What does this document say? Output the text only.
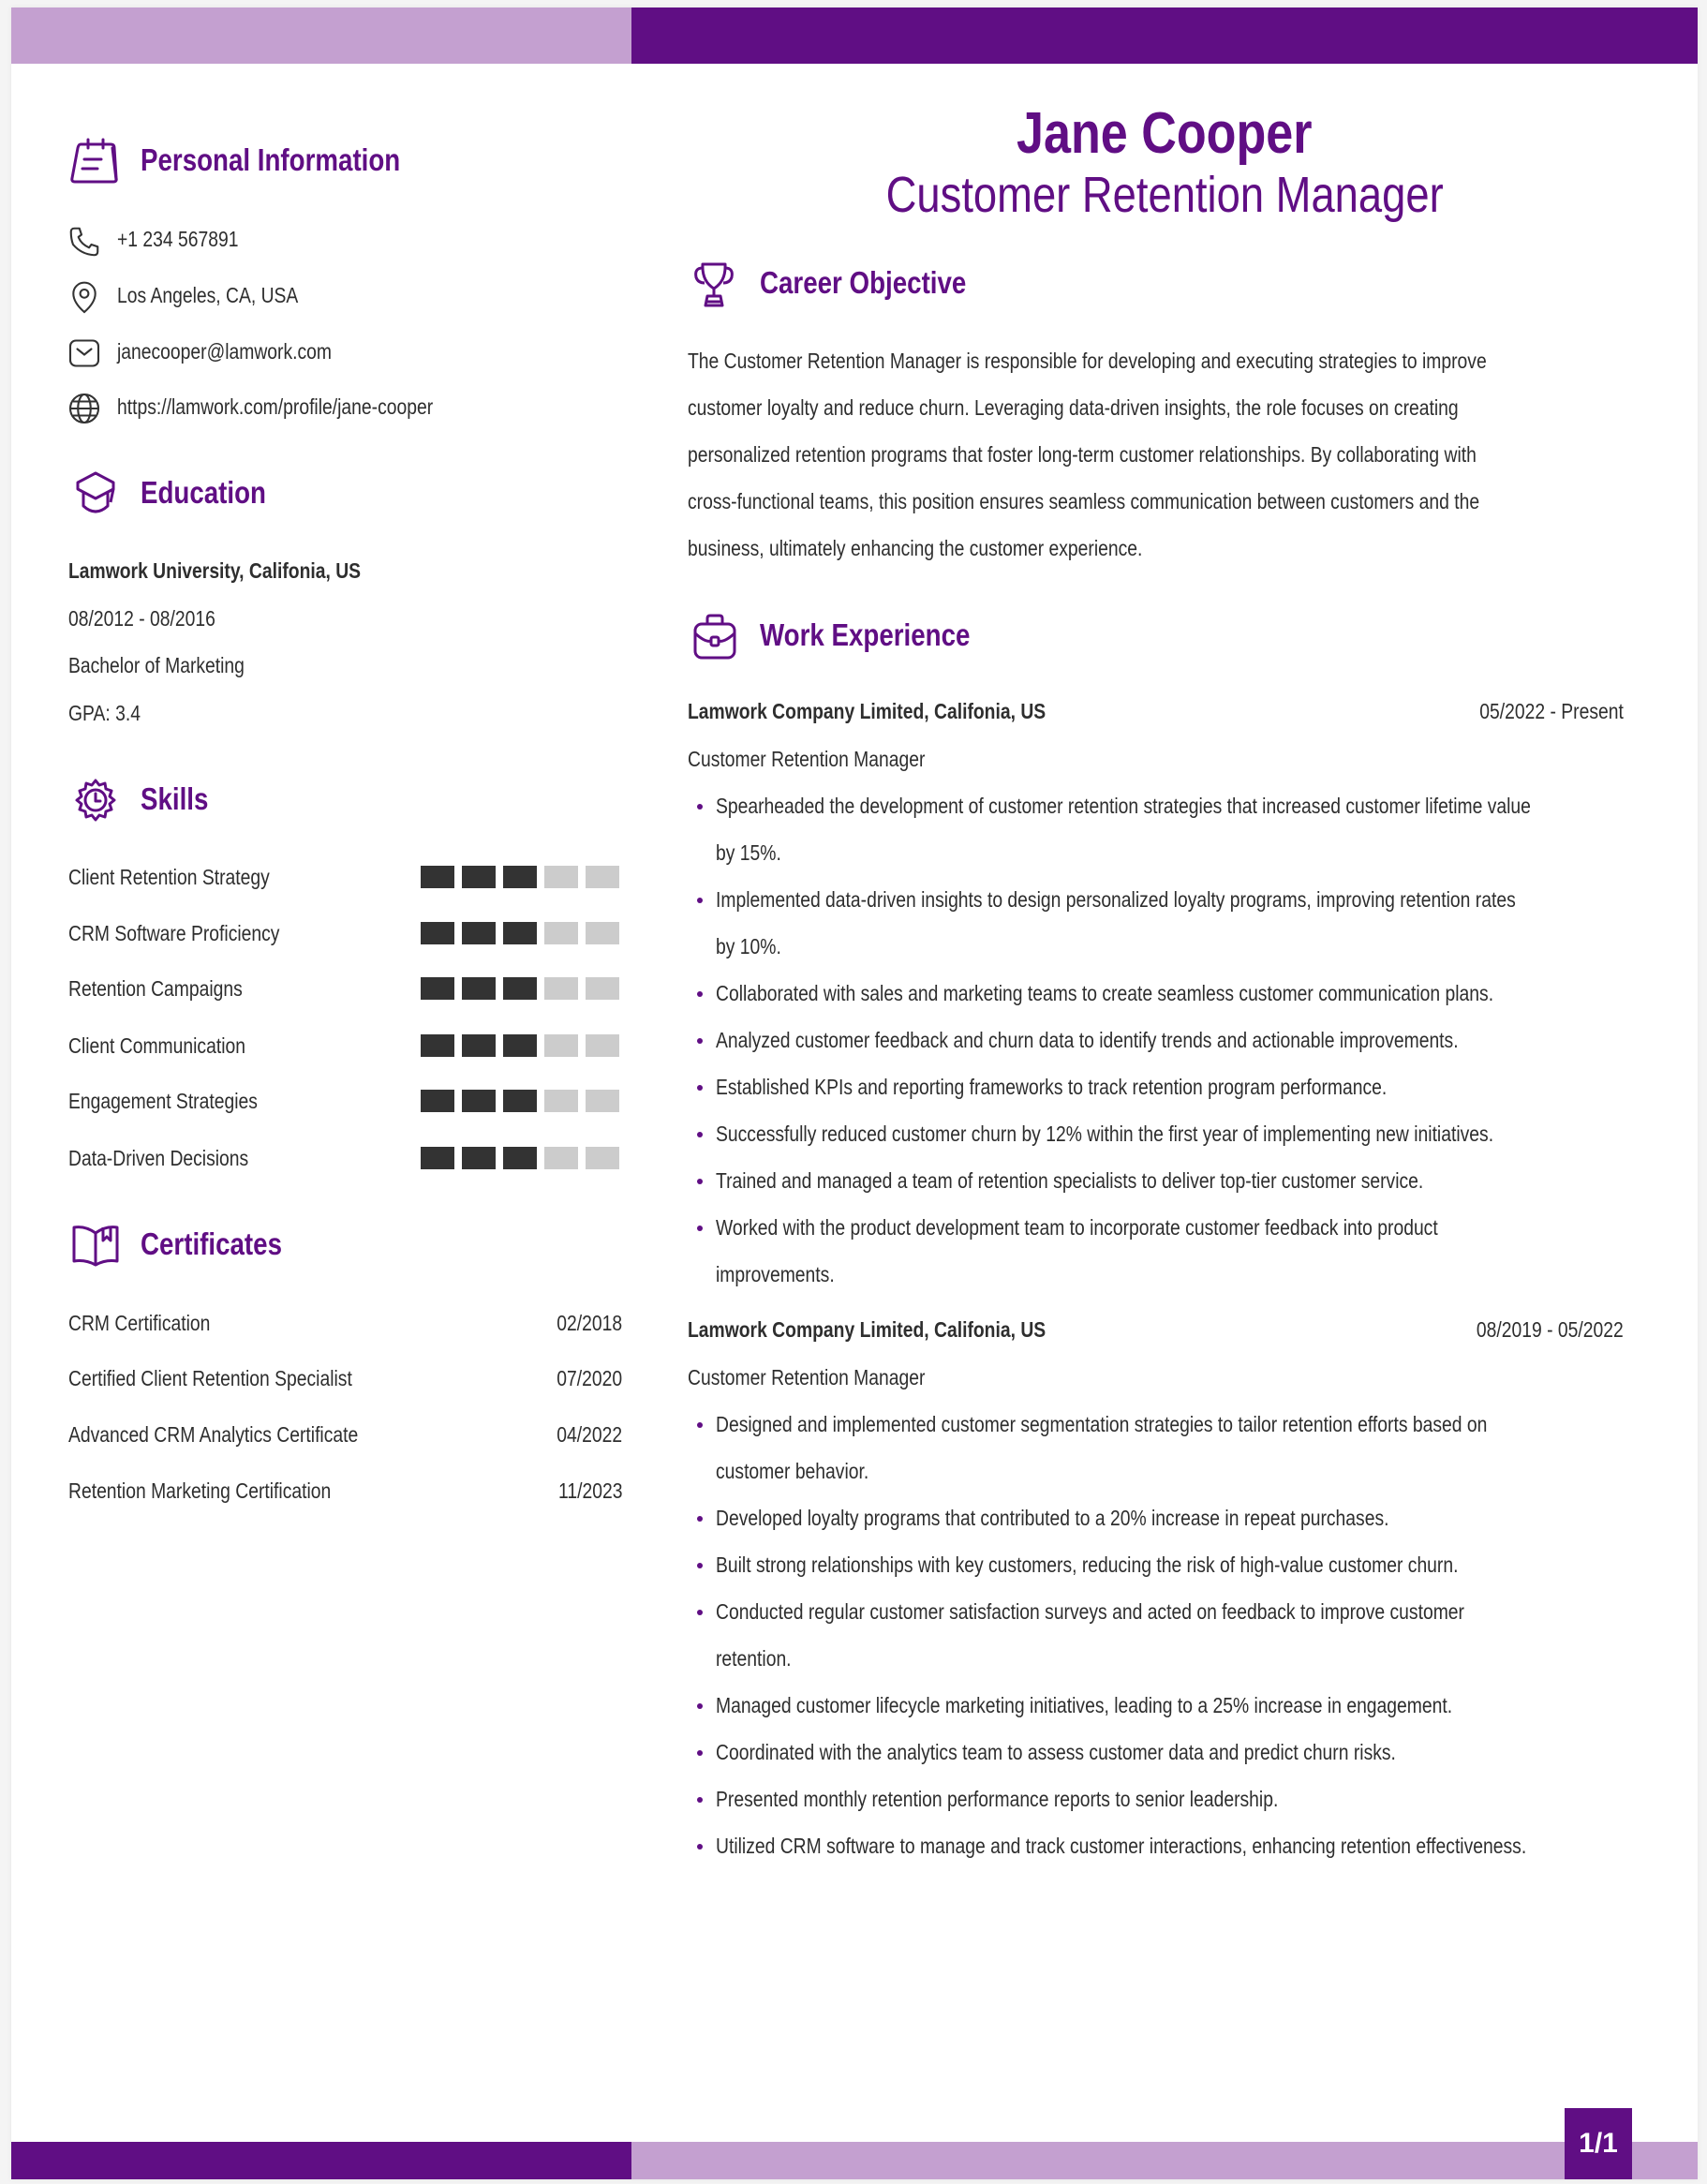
Personal Information
+1 234 567891
Los Angeles, CA, USA
janecooper@lamwork.com
https://lamwork.com/profile/jane-cooper
Education
Lamwork University, Califonia, US
08/2012 - 08/2016
Bachelor of Marketing
GPA: 3.4
Skills
Client Retention Strategy
CRM Software Proficiency
Retention Campaigns
Client Communication
Engagement Strategies
Data-Driven Decisions
Certificates
CRM Certification	02/2018
Certified Client Retention Specialist	07/2020
Advanced CRM Analytics Certificate	04/2022
Retention Marketing Certification	11/2023
Jane Cooper
Customer Retention Manager
Career Objective
The Customer Retention Manager is responsible for developing and executing strategies to improve
customer loyalty and reduce churn. Leveraging data-driven insights, the role focuses on creating
personalized retention programs that foster long-term customer relationships. By collaborating with
cross-functional teams, this position ensures seamless communication between customers and the
business, ultimately enhancing the customer experience.
Work Experience
Lamwork Company Limited, Califonia, US	05/2022 - Present
Customer Retention Manager
Spearheaded the development of customer retention strategies that increased customer lifetime value
by 15%.
Implemented data-driven insights to design personalized loyalty programs, improving retention rates
by 10%.
Collaborated with sales and marketing teams to create seamless customer communication plans.
Analyzed customer feedback and churn data to identify trends and actionable improvements.
Established KPIs and reporting frameworks to track retention program performance.
Successfully reduced customer churn by 12% within the first year of implementing new initiatives.
Trained and managed a team of retention specialists to deliver top-tier customer service.
Worked with the product development team to incorporate customer feedback into product
improvements.
Lamwork Company Limited, Califonia, US	08/2019 - 05/2022
Customer Retention Manager
Designed and implemented customer segmentation strategies to tailor retention efforts based on
customer behavior.
Developed loyalty programs that contributed to a 20% increase in repeat purchases.
Built strong relationships with key customers, reducing the risk of high-value customer churn.
Conducted regular customer satisfaction surveys and acted on feedback to improve customer
retention.
Managed customer lifecycle marketing initiatives, leading to a 25% increase in engagement.
Coordinated with the analytics team to assess customer data and predict churn risks.
Presented monthly retention performance reports to senior leadership.
Utilized CRM software to manage and track customer interactions, enhancing retention effectiveness.
1/1
